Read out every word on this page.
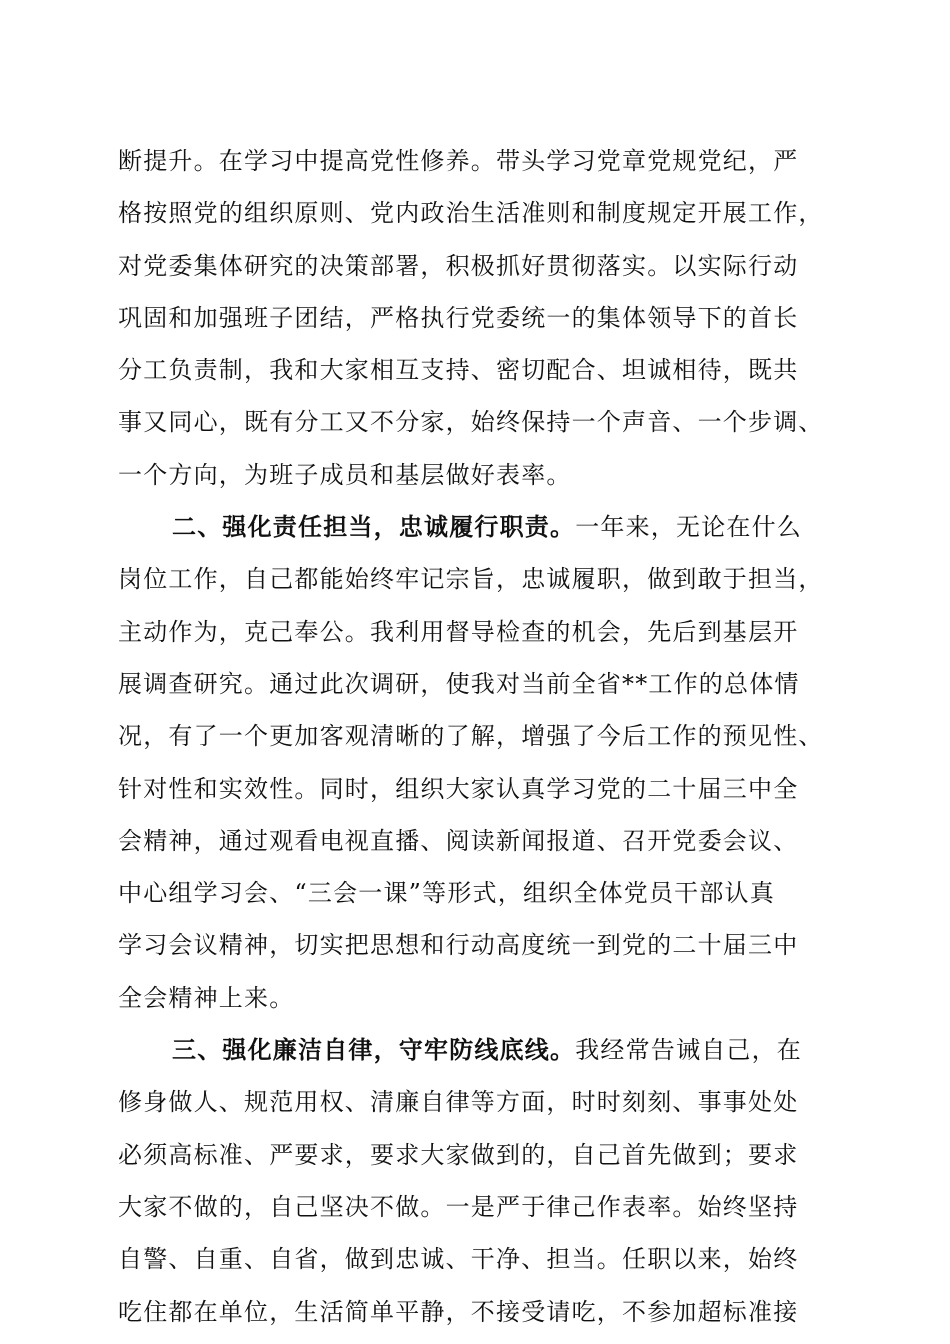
断提升。在学习中提高党性修养。带头学习党章党规党纪，严
格按照党的组织原则、党内政治生活准则和制度规定开展工作，
对党委集体研究的决策部署，积极抓好贯彻落实。以实际行动
巩固和加强班子团结，严格执行党委统一的集体领导下的首长
分工负责制，我和大家相互支持、密切配合、坦诚相待，既共
事又同心，既有分工又不分家，始终保持一个声音、一个步调、
一个方向，为班子成员和基层做好表率。
二、强化责任担当，忠诚履行职责。一年来，无论在什么
岗位工作，自己都能始终牢记宗旨，忠诚履职，做到敢于担当，
主动作为，克己奉公。我利用督导检查的机会，先后到基层开
展调查研究。通过此次调研，使我对当前全省**工作的总体情
况，有了一个更加客观清晰的了解，增强了今后工作的预见性、
针对性和实效性。同时，组织大家认真学习党的二十届三中全
会精神，通过观看电视直播、阅读新闻报道、召开党委会议、
中心组学习会、“三会一课”等形式，组织全体党员干部认真
学习会议精神，切实把思想和行动高度统一到党的二十届三中
全会精神上来。
三、强化廉洁自律，守牢防线底线。我经常告诫自己，在
修身做人、规范用权、清廉自律等方面，时时刻刻、事事处处
必须高标准、严要求，要求大家做到的，自己首先做到；要求
大家不做的，自己坚决不做。一是严于律己作表率。始终坚持
自警、自重、自省，做到忠诚、干净、担当。任职以来，始终
吃住都在单位，生活简单平静，不接受请吃，不参加超标准接
